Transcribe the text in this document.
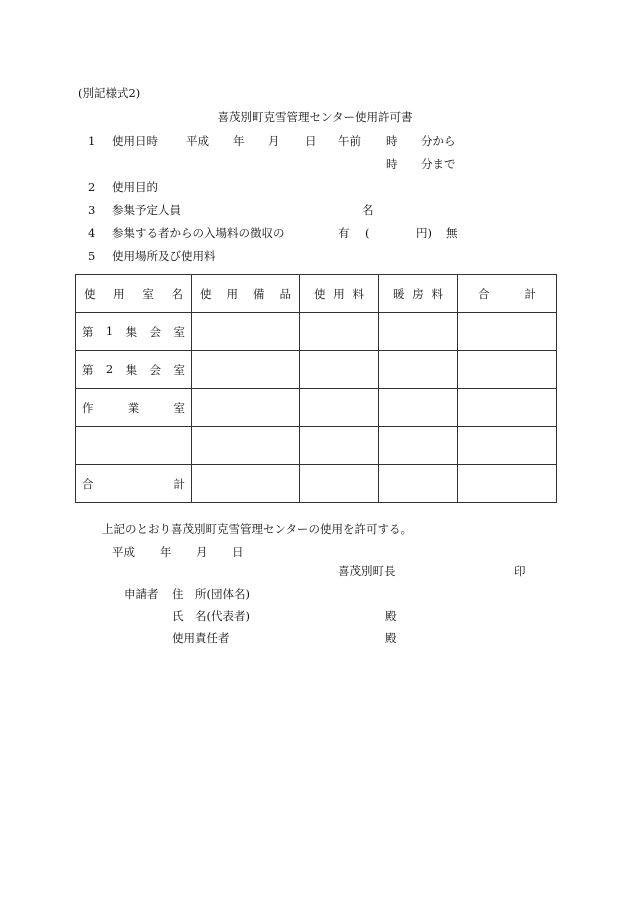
(別記様式2)
喜茂別町克雪管理センター使用許可書
1 使用日時 平成 年 月 日 午前 時 分から
時 分まで
2 使用目的
3 参集予定人員	名
4 参集する者からの入場料の徴収の	有 (	円) 無
5 使用場所及び使用料
使 用 室 名	使 用 備 品	使 用 料	暖 房 料	合 計

第 1 集 会 室				

第 2 集 会 室				

作 業 室				

合 計				

上記のとおり喜茂別町克雪管理センターの使用を許可する。
平成 年 月 日
喜茂別町長	印
申請者 住　所(団体名)
氏　名(代表者)	殿
使用責任者	殿
